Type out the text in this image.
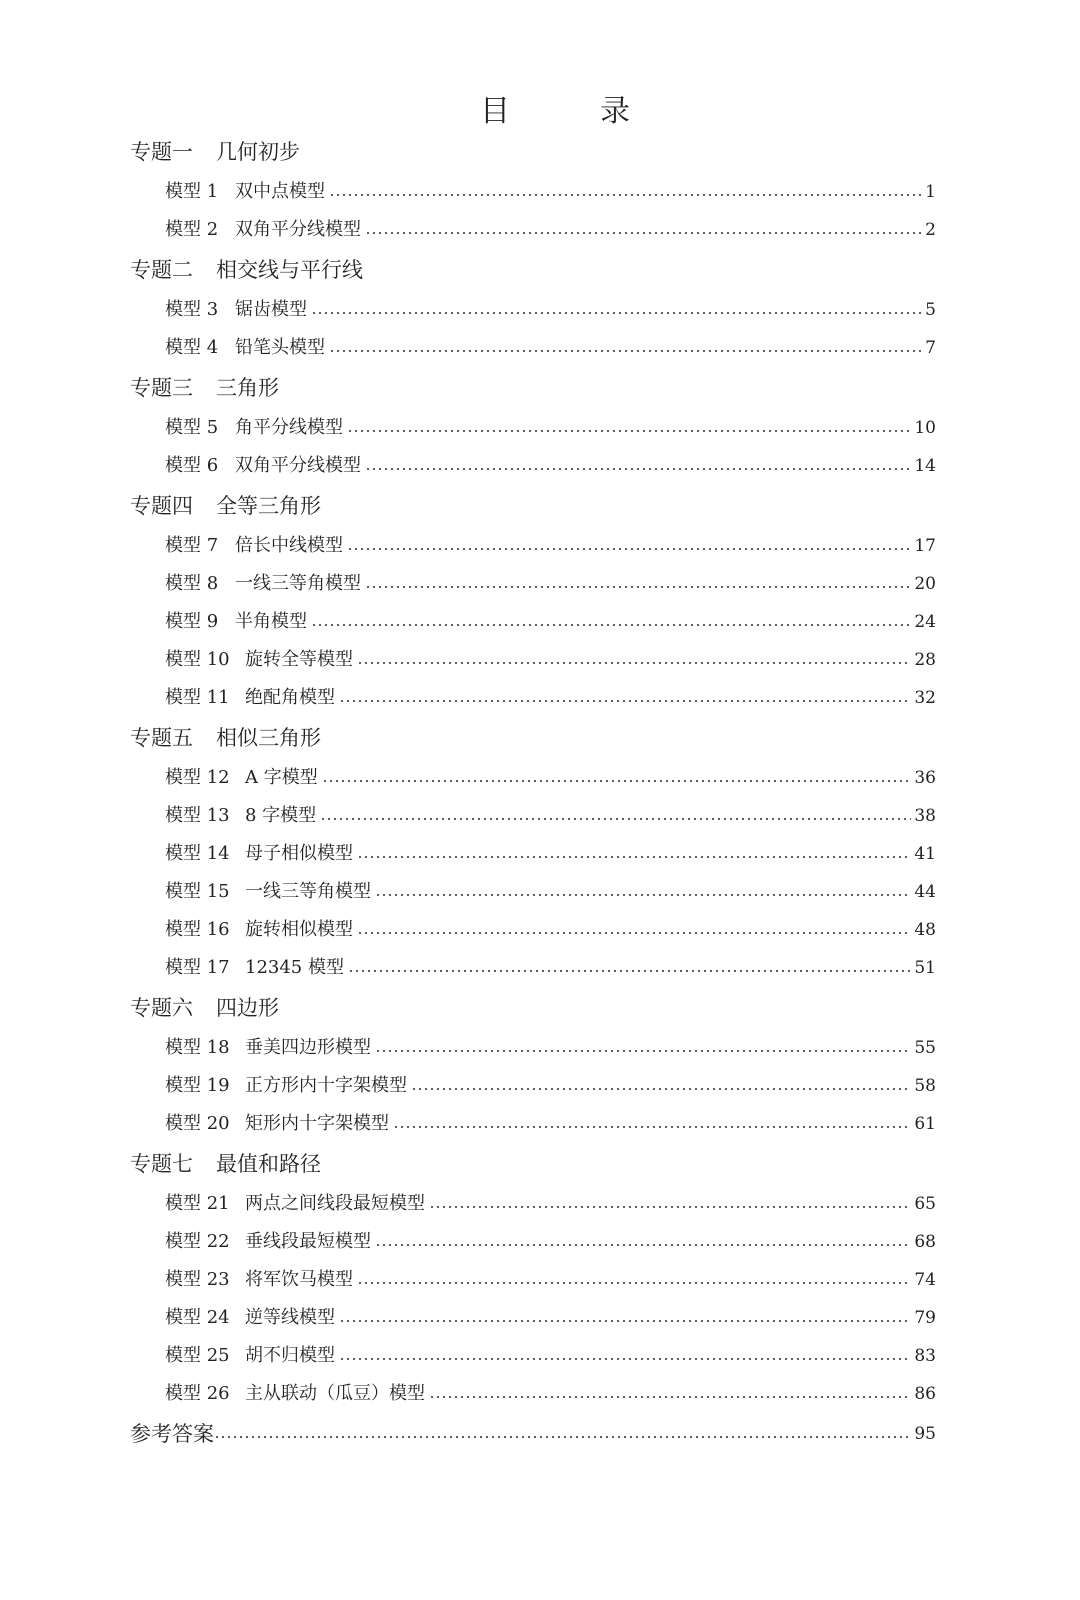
目　录
专题一	几何初步
模型 1 双中点模型	1
模型 2 双角平分线模型	2
专题二	相交线与平行线
模型 3 锯齿模型	5
模型 4 铅笔头模型	7
专题三	三角形
模型 5 角平分线模型	10
模型 6 双角平分线模型	14
专题四	全等三角形
模型 7 倍长中线模型	17
模型 8 一线三等角模型	20
模型 9 半角模型	24
模型 10 旋转全等模型	28
模型 11 绝配角模型	32
专题五	相似三角形
模型 12 A 字模型	36
模型 13 8 字模型	38
模型 14 母子相似模型	41
模型 15 一线三等角模型	44
模型 16 旋转相似模型	48
模型 17 12345 模型	51
专题六	四边形
模型 18 垂美四边形模型	55
模型 19 正方形内十字架模型	58
模型 20 矩形内十字架模型	61
专题七	最值和路径
模型 21 两点之间线段最短模型	65
模型 22 垂线段最短模型	68
模型 23 将军饮马模型	74
模型 24 逆等线模型	79
模型 25 胡不归模型	83
模型 26 主从联动（瓜豆）模型	86
参考答案	95
